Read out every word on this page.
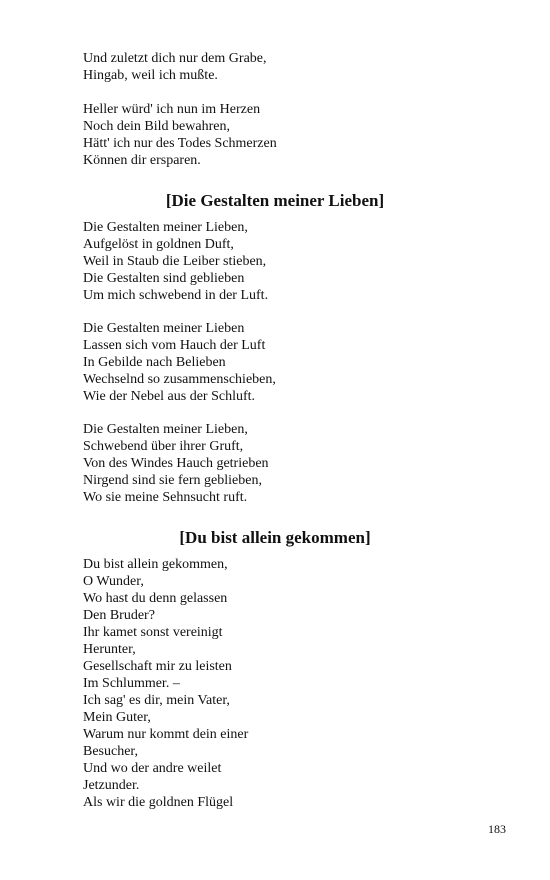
Und zuletzt dich nur dem Grabe,
Hingab, weil ich mußte.
Heller würd' ich nun im Herzen
Noch dein Bild bewahren,
Hätt' ich nur des Todes Schmerzen
Können dir ersparen.
[Die Gestalten meiner Lieben]
Die Gestalten meiner Lieben,
Aufgelöst in goldnen Duft,
Weil in Staub die Leiber stieben,
Die Gestalten sind geblieben
Um mich schwebend in der Luft.
Die Gestalten meiner Lieben
Lassen sich vom Hauch der Luft
In Gebilde nach Belieben
Wechselnd so zusammenschieben,
Wie der Nebel aus der Schluft.
Die Gestalten meiner Lieben,
Schwebend über ihrer Gruft,
Von des Windes Hauch getrieben
Nirgend sind sie fern geblieben,
Wo sie meine Sehnsucht ruft.
[Du bist allein gekommen]
Du bist allein gekommen,
O Wunder,
Wo hast du denn gelassen
Den Bruder?
Ihr kamet sonst vereinigt
Herunter,
Gesellschaft mir zu leisten
Im Schlummer. –
Ich sag' es dir, mein Vater,
Mein Guter,
Warum nur kommt dein einer
Besucher,
Und wo der andre weilet
Jetzunder.
Als wir die goldnen Flügel
183
